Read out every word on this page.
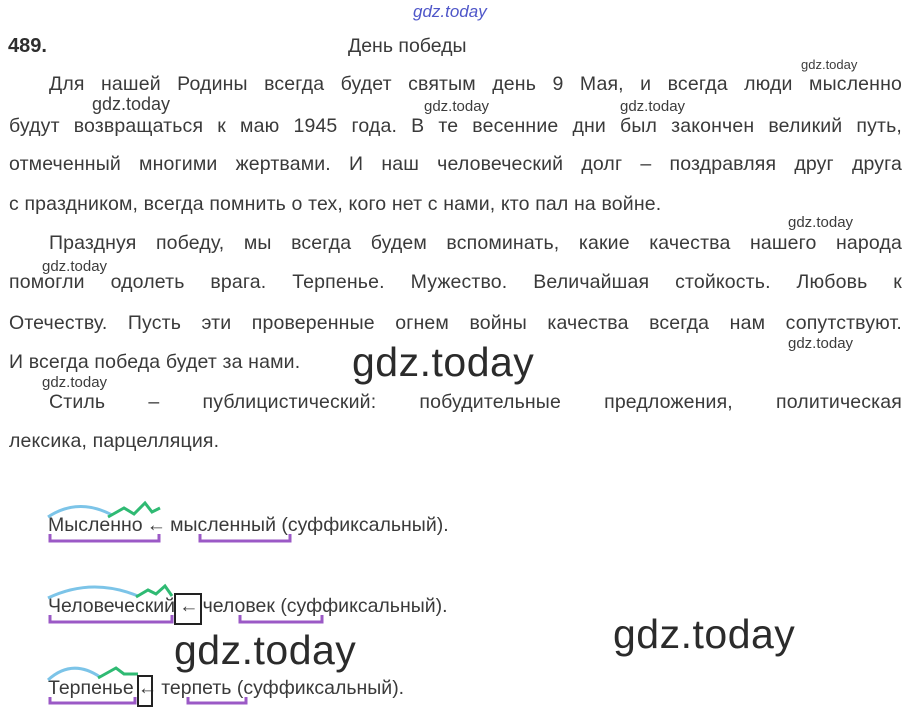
gdz.today
489.	День победы
Для нашей Родины всегда будет святым день 9 Мая, и всегда люди мысленно
будут возвращаться к маю 1945 года. В те весенние дни был закончен великий путь,
отмеченный многими жертвами. И наш человеческий долг – поздравляя друг друга
с праздником, всегда помнить о тех, кого нет с нами, кто пал на войне.
Празднуя победу, мы всегда будем вспоминать, какие качества нашего народа
помогли одолеть врага. Терпенье. Мужество. Величайшая стойкость. Любовь к
Отечеству. Пусть эти проверенные огнем войны качества всегда нам сопутствуют.
И всегда победа будет за нами.
Стиль – публицистический: побудительные предложения, политическая
лексика, парцелляция.
gdz.today
gdz.today	gdz.today	gdz.today
gdz.today
gdz.today
gdz.today
gdz.today	gdz.today
gdz.today
gdz.today
Мысленно ← мысленный (суффиксальный).
Человеческий ← человек (суффиксальный).
Терпенье ← терпеть (суффиксальный).
